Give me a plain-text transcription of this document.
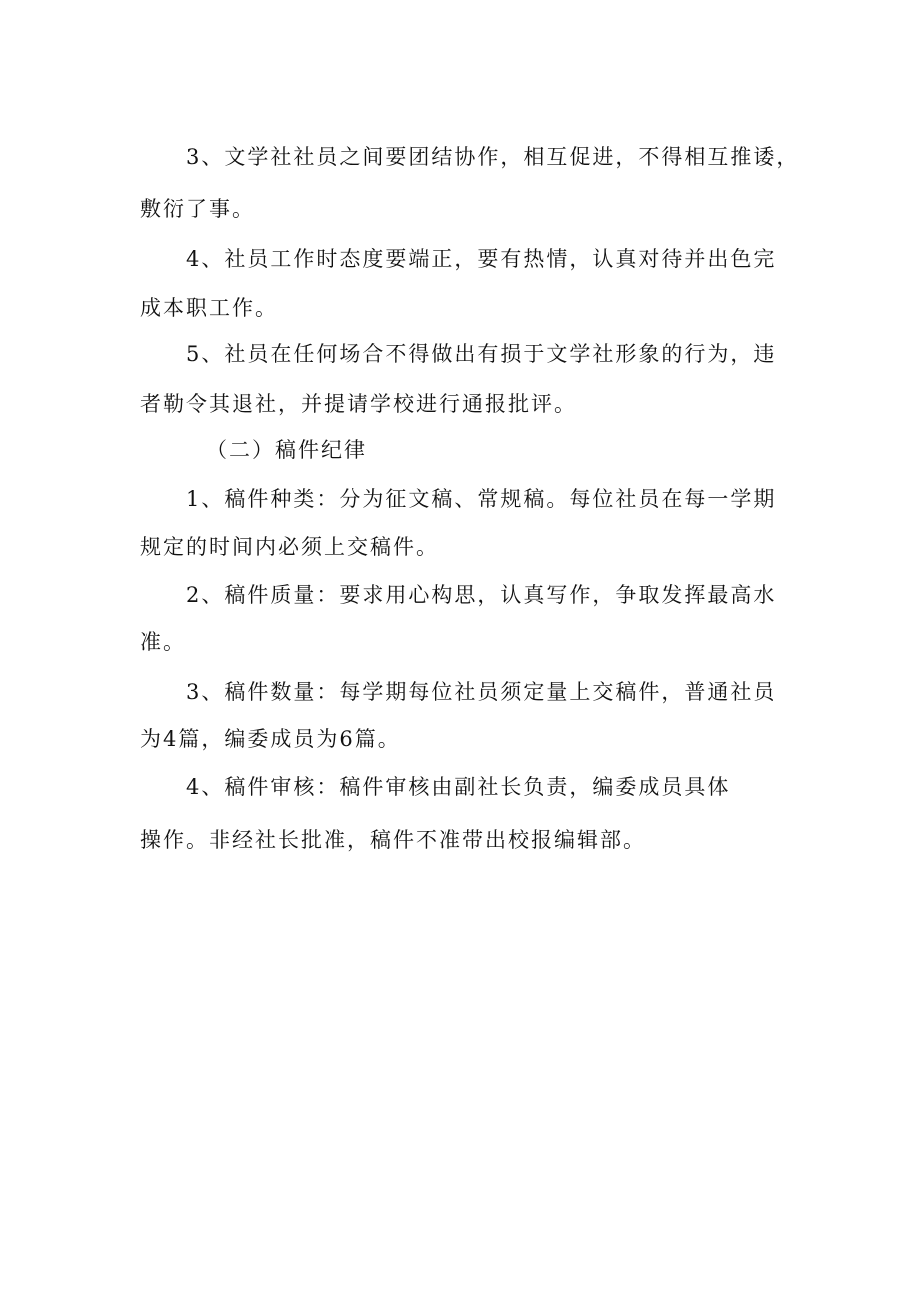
3、文学社社员之间要团结协作，相互促进，不得相互推诿，
敷衍了事。
4、社员工作时态度要端正，要有热情，认真对待并出色完
成本职工作。
5、社员在任何场合不得做出有损于文学社形象的行为，违
者勒令其退社，并提请学校进行通报批评。
（二）稿件纪律
1、稿件种类：分为征文稿、常规稿。每位社员在每一学期
规定的时间内必须上交稿件。
2、稿件质量：要求用心构思，认真写作，争取发挥最高水
准。
3、稿件数量：每学期每位社员须定量上交稿件，普通社员
为4篇，编委成员为6篇。
4、稿件审核：稿件审核由副社长负责，编委成员具体
操作。非经社长批准，稿件不准带出校报编辑部。
